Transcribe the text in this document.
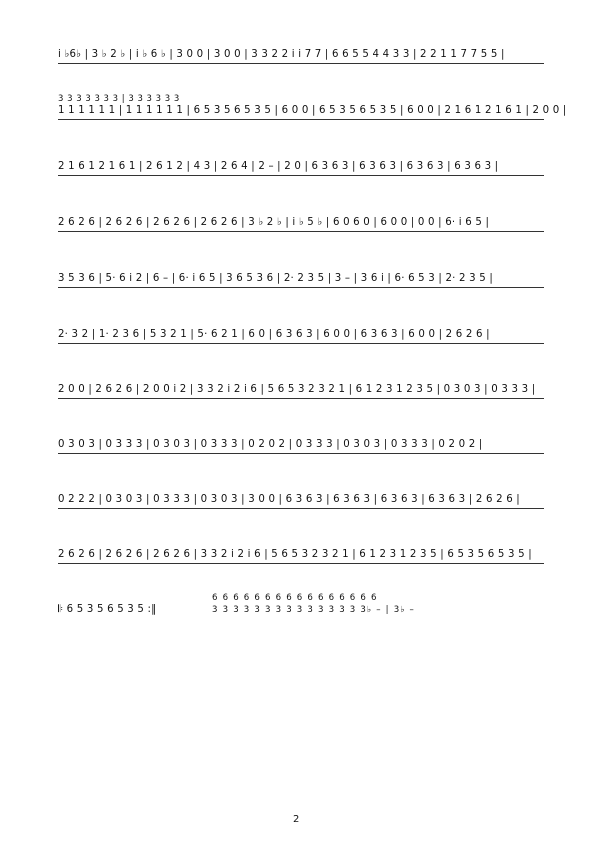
i ♭6♭ | 3 ♭ 2 ♭ | i ♭ 6 ♭ | 3 0 0 | 3 0 0 | 3 3 2 2 i i 7 7 | 6 6 5 5 4 4 3 3 | 2 2 1 1 7 7 5 5 |
3 3 3 3 3 3 3 | 3 3 3 3 3 3
1 1 1 1 1 1 | 1 1 1 1 1 1 | 6 5 3 5 6 5 3 5 | 6 0 0 | 6 5 3 5 6 5 3 5 | 6 0 0 | 2 1 6 1 2 1 6 1 | 2 0 0 |
2 1 6 1 2 1 6 1 | 2 6 1 2 | 4 3 | 2 6 4 | 2 – | 2 0 | 6 3 6 3 | 6 3 6 3 | 6 3 6 3 | 6 3 6 3 |
2 6 2 6 | 2 6 2 6 | 2 6 2 6 | 2 6 2 6 | 3 ♭ 2 ♭ | i ♭ 5 ♭ | 6 0 6 0 | 6 0 0 | 0 0 | 6· i 6 5 |
3 5 3 6 | 5· 6 i 2 | 6 – | 6· i 6 5 | 3 6 5 3 6 | 2· 2 3 5 | 3 – | 3 6 i | 6· 6 5 3 | 2· 2 3 5 |
2· 3 2 | 1· 2 3 6 | 5 3 2 1 | 5· 6 2 1 | 6 0 | 6 3 6 3 | 6 0 0 | 6 3 6 3 | 6 0 0 | 2 6 2 6 |
2 0 0 | 2 6 2 6 | 2 0 0 i 2 | 3 3 2 i 2 i 6 | 5 6 5 3 2 3 2 1 | 6 1 2 3 1 2 3 5 | 0 3 0 3 | 0 3 3 3 |
0 3 0 3 | 0 3 3 3 | 0 3 0 3 | 0 3 3 3 | 0 2 0 2 | 0 3 3 3 | 0 3 0 3 | 0 3 3 3 | 0 2 0 2 |
0 2 2 2 | 0 3 0 3 | 0 3 3 3 | 0 3 0 3 | 3 0 0 | 6 3 6 3 | 6 3 6 3 | 6 3 6 3 | 6 3 6 3 | 2 6 2 6 |
2 6 2 6 | 2 6 2 6 | 2 6 2 6 | 3 3 2 i 2 i 6 | 5 6 5 3 2 3 2 1 | 6 1 2 3 1 2 3 5 | 6 5 3 5 6 5 3 5 |
𝄆 6 5 3 5 6 5 3 5 :‖
6 6 6 6 6 6 6 6 6 6 6 6 6 6 6 6
3 3 3 3 3 3 3 3 3 3 3 3 3 3 3♭ – | 3♭ –
2
